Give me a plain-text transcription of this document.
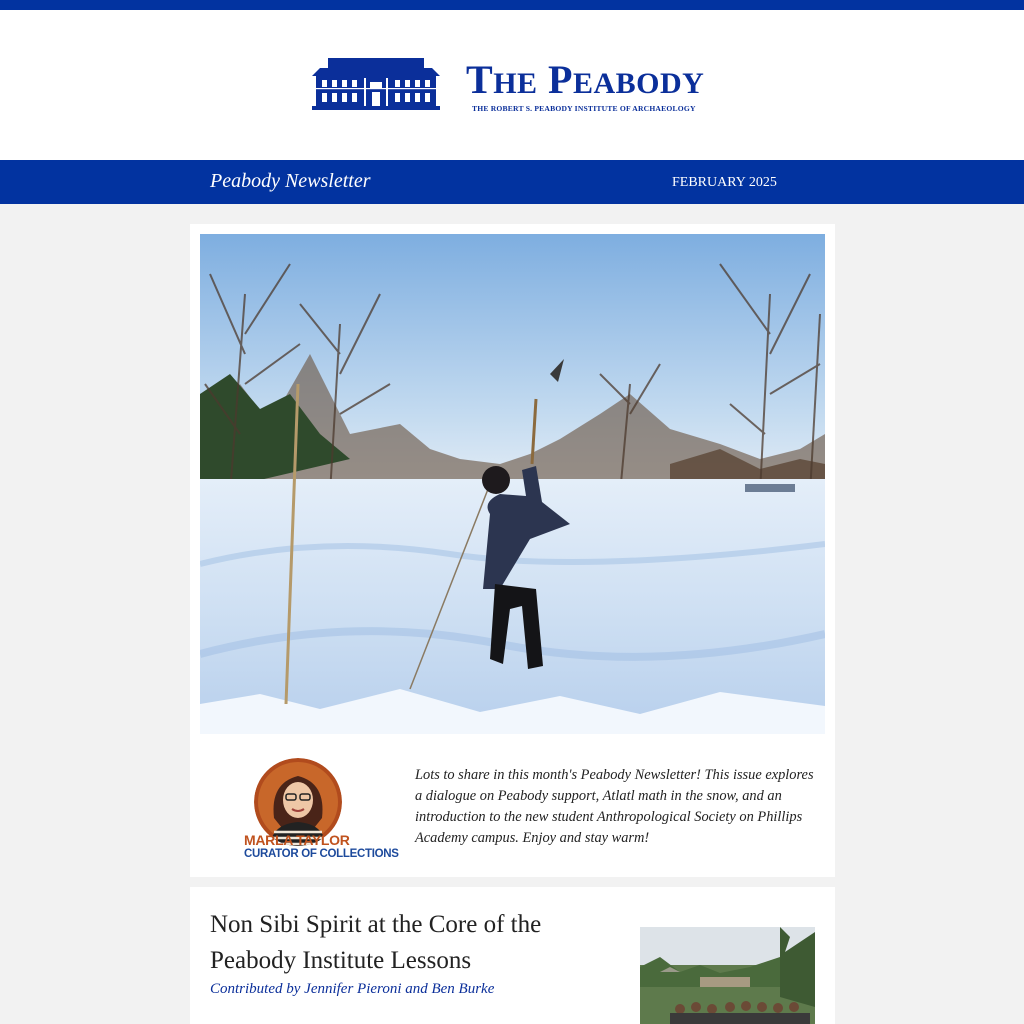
THE PEABODY
THE ROBERT S. PEABODY INSTITUTE OF ARCHAEOLOGY
Peabody Newsletter	FEBRUARY 2025
MARLA TAYLOR
CURATOR OF COLLECTIONS

Lots to share in this month's Peabody Newsletter! This issue explores a dialogue on Peabody support, Atlatl math in the snow, and an introduction to the new student Anthropological Society on Phillips Academy campus. Enjoy and stay warm!

Non Sibi Spirit at the Core of the Peabody Institute Lessons
Contributed by Jennifer Pieroni and Ben Burke
